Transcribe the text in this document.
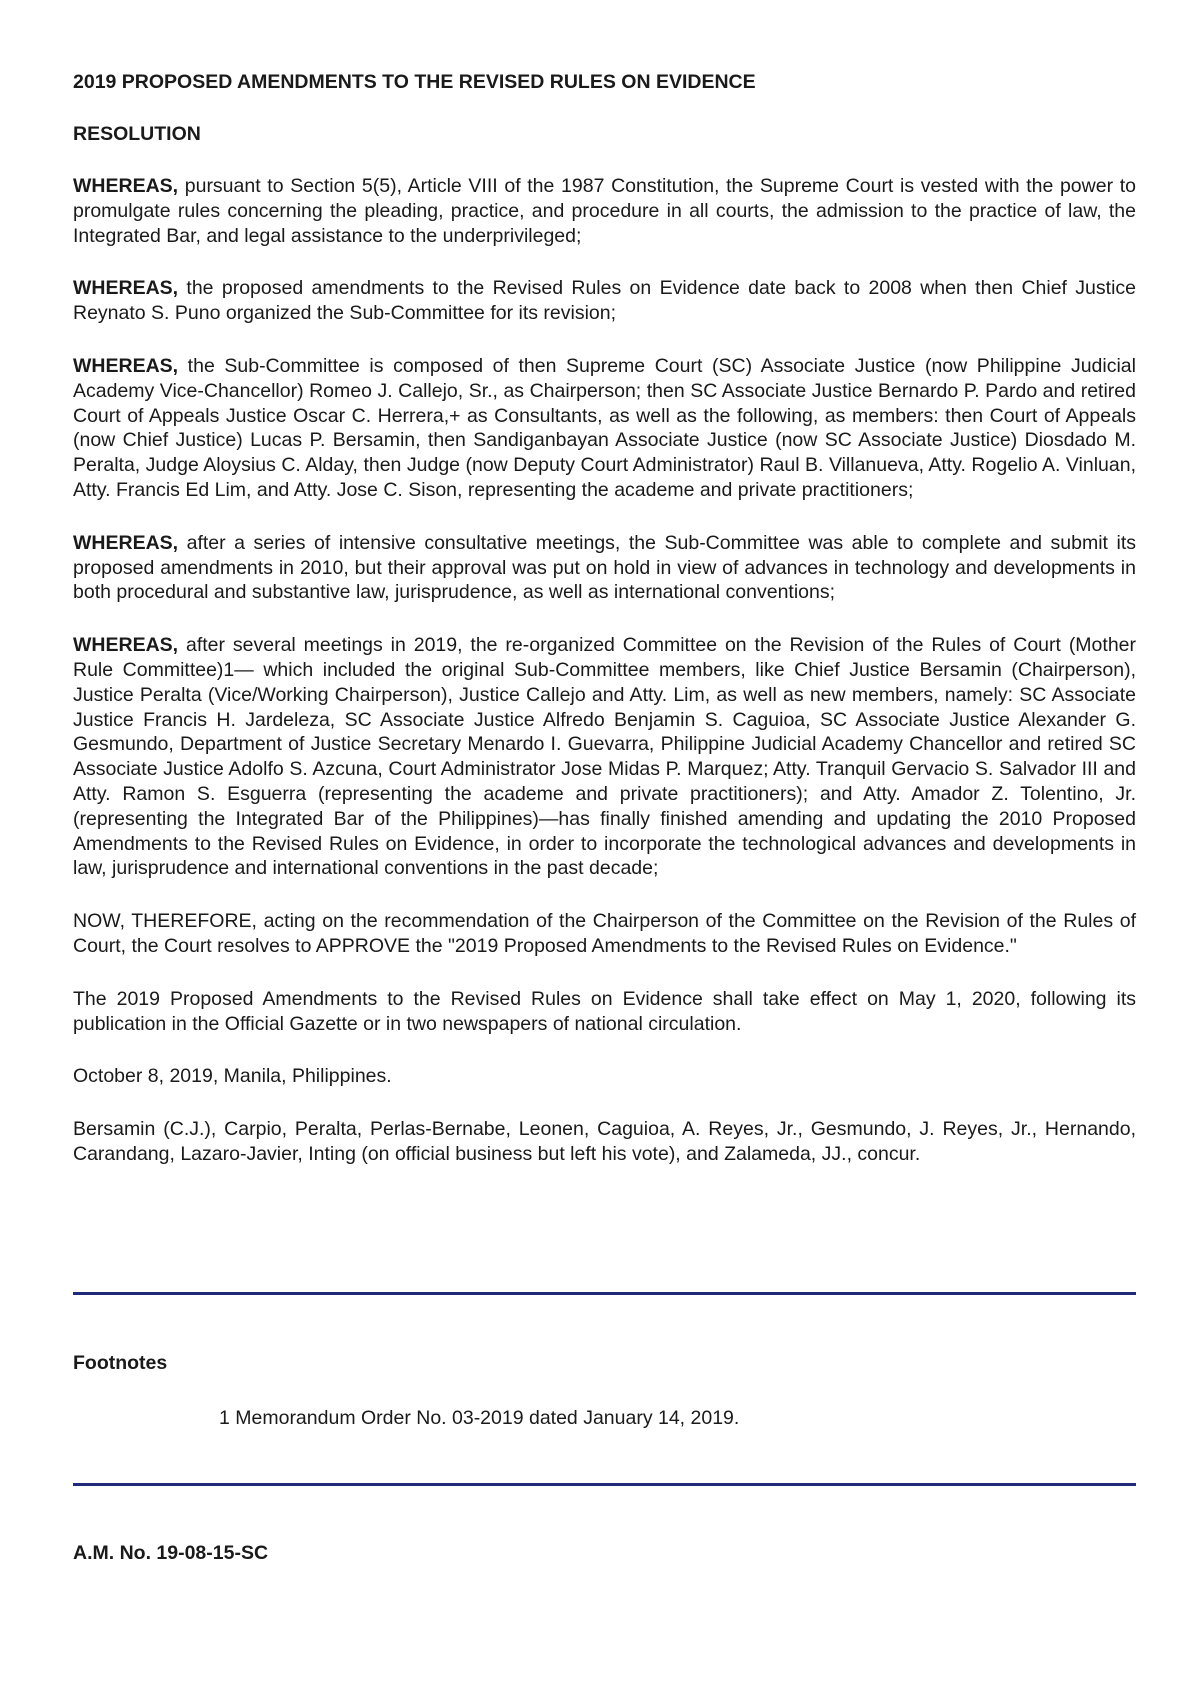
2019 PROPOSED AMENDMENTS TO THE REVISED RULES ON EVIDENCE

RESOLUTION

WHEREAS, pursuant to Section 5(5), Article VIII of the 1987 Constitution, the Supreme Court is vested with the power to promulgate rules concerning the pleading, practice, and procedure in all courts, the admission to the practice of law, the Integrated Bar, and legal assistance to the underprivileged;

WHEREAS, the proposed amendments to the Revised Rules on Evidence date back to 2008 when then Chief Justice Reynato S. Puno organized the Sub-Committee for its revision;

WHEREAS, the Sub-Committee is composed of then Supreme Court (SC) Associate Justice (now Philippine Judicial Academy Vice-Chancellor) Romeo J. Callejo, Sr., as Chairperson; then SC Associate Justice Bernardo P. Pardo and retired Court of Appeals Justice Oscar C. Herrera,+ as Consultants, as well as the following, as members: then Court of Appeals (now Chief Justice) Lucas P. Bersamin, then Sandiganbayan Associate Justice (now SC Associate Justice) Diosdado M. Peralta, Judge Aloysius C. Alday, then Judge (now Deputy Court Administrator) Raul B. Villanueva, Atty. Rogelio A. Vinluan, Atty. Francis Ed Lim, and Atty. Jose C. Sison, representing the academe and private practitioners;

WHEREAS, after a series of intensive consultative meetings, the Sub-Committee was able to complete and submit its proposed amendments in 2010, but their approval was put on hold in view of advances in technology and developments in both procedural and substantive law, jurisprudence, as well as international conventions;

WHEREAS, after several meetings in 2019, the re-organized Committee on the Revision of the Rules of Court (Mother Rule Committee)1— which included the original Sub-Committee members, like Chief Justice Bersamin (Chairperson), Justice Peralta (Vice/Working Chairperson), Justice Callejo and Atty. Lim, as well as new members, namely: SC Associate Justice Francis H. Jardeleza, SC Associate Justice Alfredo Benjamin S. Caguioa, SC Associate Justice Alexander G. Gesmundo, Department of Justice Secretary Menardo I. Guevarra, Philippine Judicial Academy Chancellor and retired SC Associate Justice Adolfo S. Azcuna, Court Administrator Jose Midas P. Marquez; Atty. Tranquil Gervacio S. Salvador III and Atty. Ramon S. Esguerra (representing the academe and private practitioners); and Atty. Amador Z. Tolentino, Jr. (representing the Integrated Bar of the Philippines)—has finally finished amending and updating the 2010 Proposed Amendments to the Revised Rules on Evidence, in order to incorporate the technological advances and developments in law, jurisprudence and international conventions in the past decade;

NOW, THEREFORE, acting on the recommendation of the Chairperson of the Committee on the Revision of the Rules of Court, the Court resolves to APPROVE the "2019 Proposed Amendments to the Revised Rules on Evidence."

The 2019 Proposed Amendments to the Revised Rules on Evidence shall take effect on May 1, 2020, following its publication in the Official Gazette or in two newspapers of national circulation.

October 8, 2019, Manila, Philippines.

Bersamin (C.J.), Carpio, Peralta, Perlas-Bernabe, Leonen, Caguioa, A. Reyes, Jr., Gesmundo, J. Reyes, Jr., Hernando, Carandang, Lazaro-Javier, Inting (on official business but left his vote), and Zalameda, JJ., concur.

Footnotes

1 Memorandum Order No. 03-2019 dated January 14, 2019.

A.M. No. 19-08-15-SC
